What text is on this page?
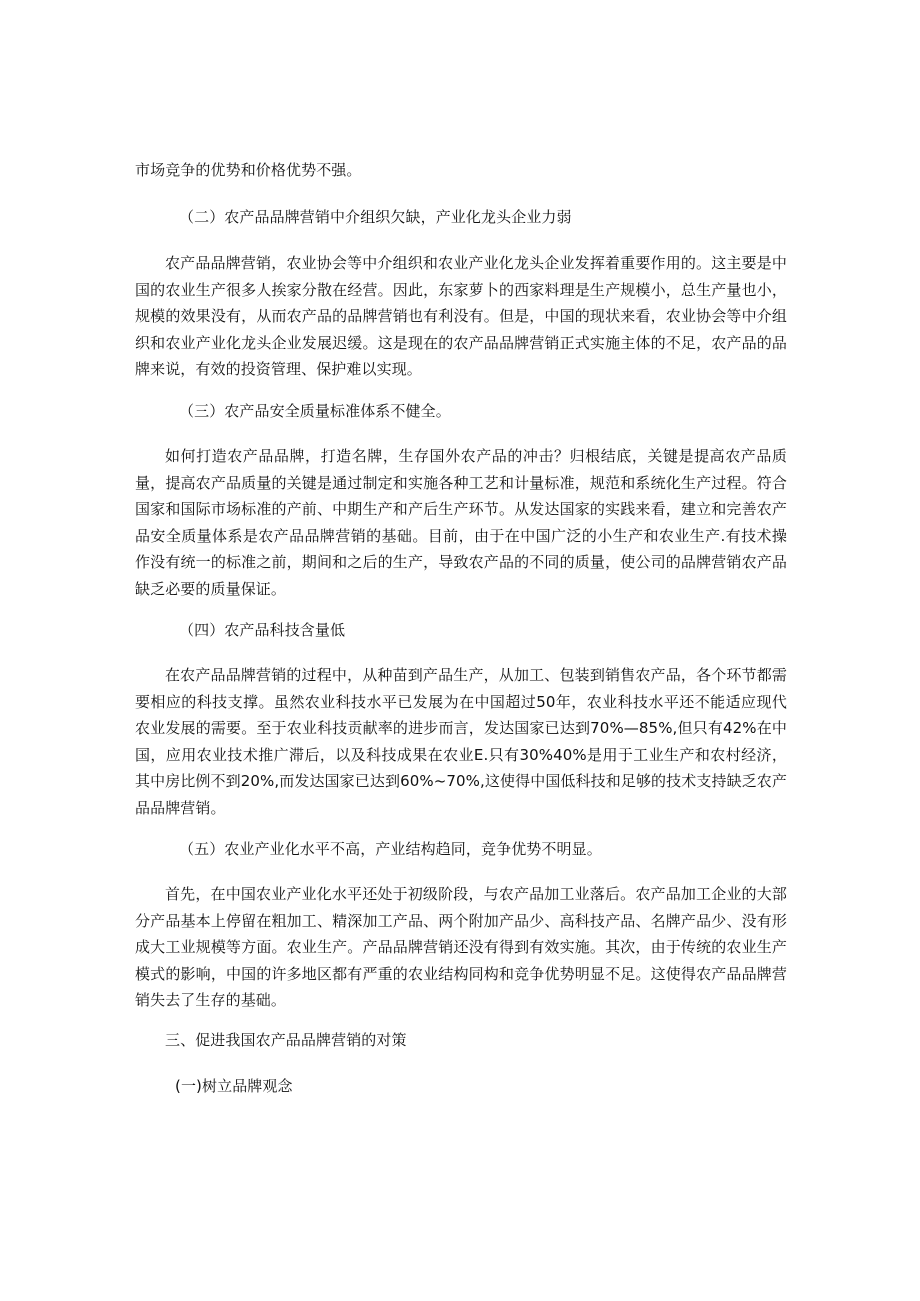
市场竞争的优势和价格优势不强。
（二）农产品品牌营销中介组织欠缺，产业化龙头企业力弱
农产品品牌营销，农业协会等中介组织和农业产业化龙头企业发挥着重要作用的。这主要是中国的农业生产很多人挨家分散在经营。因此，东家萝卜的西家料理是生产规模小，总生产量也小，规模的效果没有，从而农产品的品牌营销也有利没有。但是，中国的现状来看，农业协会等中介组织和农业产业化龙头企业发展迟缓。这是现在的农产品品牌营销正式实施主体的不足，农产品的品牌来说，有效的投资管理、保护难以实现。
（三）农产品安全质量标准体系不健全。
如何打造农产品品牌，打造名牌，生存国外农产品的冲击？归根结底，关键是提高农产品质量，提高农产品质量的关键是通过制定和实施各种工艺和计量标准，规范和系统化生产过程。符合国家和国际市场标准的产前、中期生产和产后生产环节。从发达国家的实践来看，建立和完善农产品安全质量体系是农产品品牌营销的基础。目前，由于在中国广泛的小生产和农业生产.有技术操作没有统一的标准之前，期间和之后的生产，导致农产品的不同的质量，使公司的品牌营销农产品缺乏必要的质量保证。
（四）农产品科技含量低
在农产品品牌营销的过程中，从种苗到产品生产，从加工、包装到销售农产品，各个环节都需要相应的科技支撑。虽然农业科技水平已发展为在中国超过50年，农业科技水平还不能适应现代农业发展的需要。至于农业科技贡献率的进步而言，发达国家已达到70%—85%,但只有42%在中国，应用农业技术推广滞后，以及科技成果在农业E.只有30%40%是用于工业生产和农村经济，其中房比例不到20%,而发达国家已达到60%~70%,这使得中国低科技和足够的技术支持缺乏农产品品牌营销。
（五）农业产业化水平不高，产业结构趋同，竞争优势不明显。
首先，在中国农业产业化水平还处于初级阶段，与农产品加工业落后。农产品加工企业的大部分产品基本上停留在粗加工、精深加工产品、两个附加产品少、高科技产品、名牌产品少、没有形成大工业规模等方面。农业生产。产品品牌营销还没有得到有效实施。其次，由于传统的农业生产模式的影响，中国的许多地区都有严重的农业结构同构和竞争优势明显不足。这使得农产品品牌营销失去了生存的基础。
三、促进我国农产品品牌营销的对策
(一)树立品牌观念
